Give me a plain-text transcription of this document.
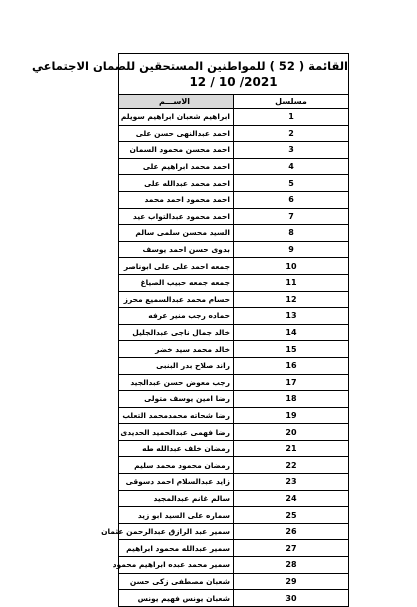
القائمة ( 52 ) للمواطنين المستحقين للضمان الاجتماعي
2021/ 10 / 12	

مسلسل	الاســـم
1	ابراهيم شعبان ابراهيم سويلم
2	احمد عبدالنهى حسن على
3	احمد محسن محمود السمان
4	احمد محمد ابراهيم على
5	احمد محمد عبدالله على
6	احمد محمود احمد محمد
7	احمد محمود عبدالتواب عيد
8	السيد محسن سلمى سالم
9	بدوى حسن احمد يوسف
10	جمعه احمد على على ابوناصر
11	جمعه جمعه حبيب الصياغ
12	حسام محمد عبدالسميع محرز
13	حماده رجب منير عرفه
14	خالد جمال ناجى عبدالجليل
15	خالد محمد سيد خضر
16	راند صلاح بدر البنبى
17	رجب معوض حسن عبدالجيد
18	رضا امين يوسف متولى
19	رضا شحاته محمدمحمد التعلب
20	رضا فهمى عبدالحميد الحديدى
21	رمضان خلف عبدالله طه
22	رمضان محمود محمد سليم
23	زايد عبدالسلام احمد دسوقى
24	سالم غانم عبدالمجيد
25	سماره على السيد ابو زيد
26	سمير عبد الرازق عبدالرحمن عثمان
27	سمير عبدالله محمود ابراهيم
28	سمير محمد عبده ابراهيم محمود
29	شعبان مصطفى زكى حسن
30	شعبان يونس فهيم يونس
